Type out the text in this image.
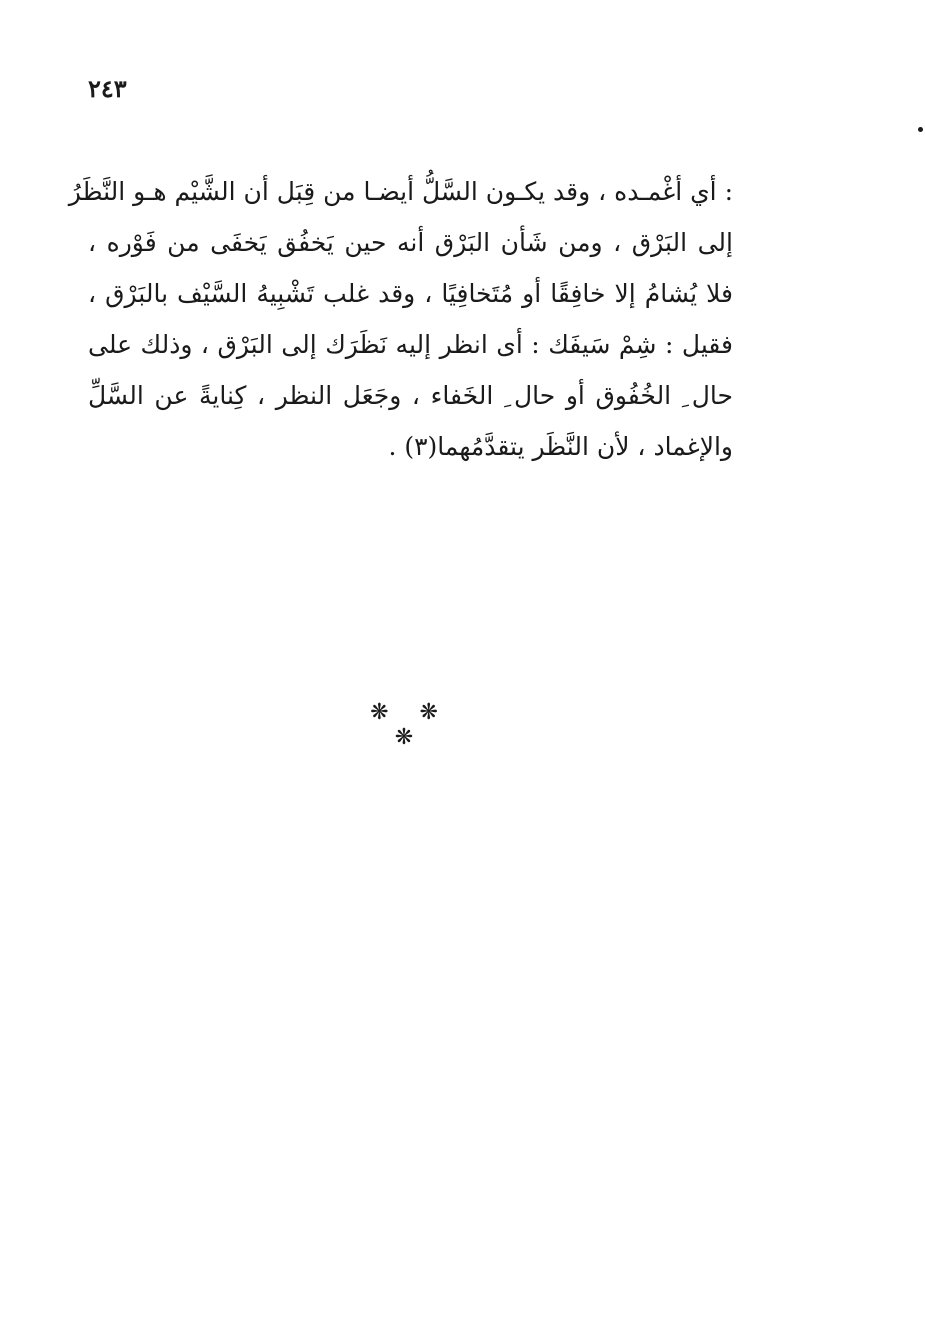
٢٤٣
: أي أغْمـده ، وقد يكـون السَّلُّ أيضـا من قِبَل أن الشَّيْم هـو النَّظَرُ
إلى البَرْق ، ومن شَأن البَرْق أنه حين يَخفُق يَخفَى من فَوْره ،
فلا يُشامُ إلا خافِقًا أو مُتَخافِيًا ، وقد غلب تَشْبِيهُ السَّيْف بالبَرْق ،
فقيل : شِمْ سَيفَك : أى انظر إليه نَظَرَك إلى البَرْق ، وذلك على
حال ِ الخُفُوق أو حال ِ الخَفاء ، وجَعَل النظر ، كِنايةً عن السَّلِّ
والإغماد ، لأن النَّظَر يتقدَّمُهما(٣) .
❋ ❋ ❋
